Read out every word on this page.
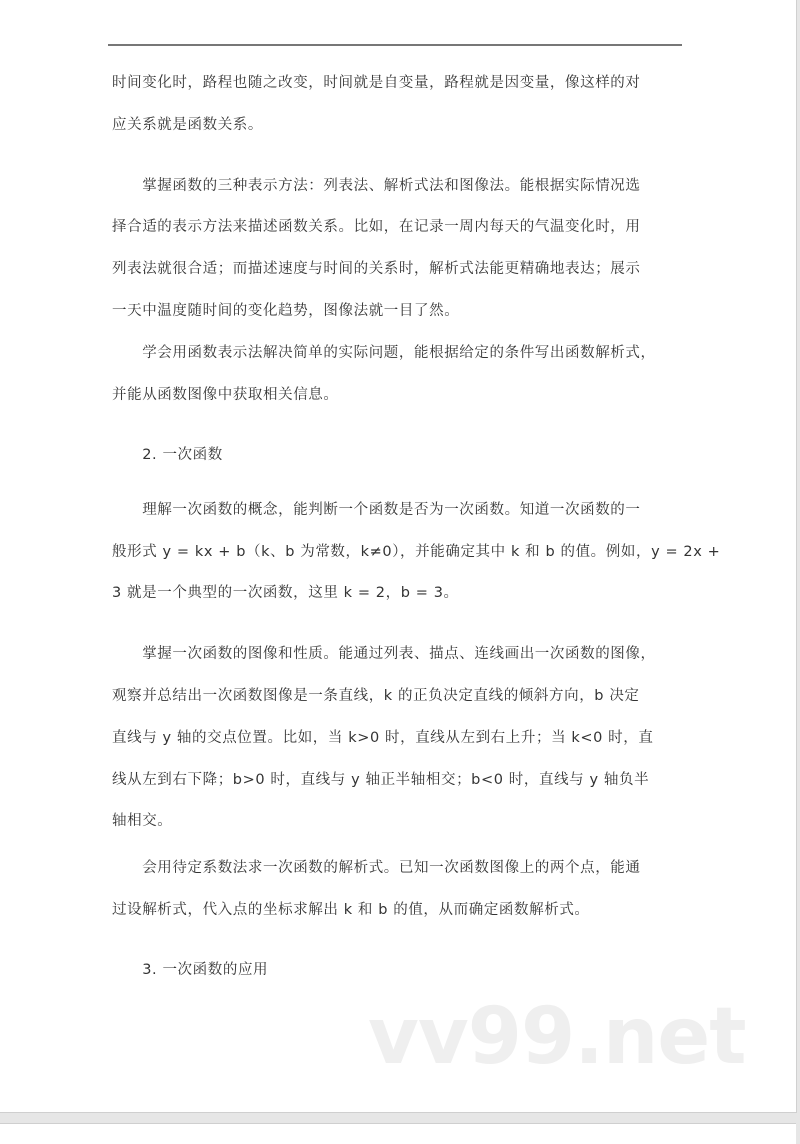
时间变化时，路程也随之改变，时间就是自变量，路程就是因变量，像这样的对
应关系就是函数关系。
　　掌握函数的三种表示方法：列表法、解析式法和图像法。能根据实际情况选
择合适的表示方法来描述函数关系。比如，在记录一周内每天的气温变化时，用
列表法就很合适；而描述速度与时间的关系时，解析式法能更精确地表达；展示
一天中温度随时间的变化趋势，图像法就一目了然。
　　学会用函数表示法解决简单的实际问题，能根据给定的条件写出函数解析式，
并能从函数图像中获取相关信息。
　　2. 一次函数
　　理解一次函数的概念，能判断一个函数是否为一次函数。知道一次函数的一
般形式 y = kx + b（k、b 为常数，k≠0），并能确定其中 k 和 b 的值。例如，y = 2x +
3 就是一个典型的一次函数，这里 k = 2，b = 3。
　　掌握一次函数的图像和性质。能通过列表、描点、连线画出一次函数的图像，
观察并总结出一次函数图像是一条直线，k 的正负决定直线的倾斜方向，b 决定
直线与 y 轴的交点位置。比如，当 k>0 时，直线从左到右上升；当 k<0 时，直
线从左到右下降；b>0 时，直线与 y 轴正半轴相交；b<0 时，直线与 y 轴负半
轴相交。
　　会用待定系数法求一次函数的解析式。已知一次函数图像上的两个点，能通
过设解析式，代入点的坐标求解出 k 和 b 的值，从而确定函数解析式。
　　3. 一次函数的应用
vv99.net
